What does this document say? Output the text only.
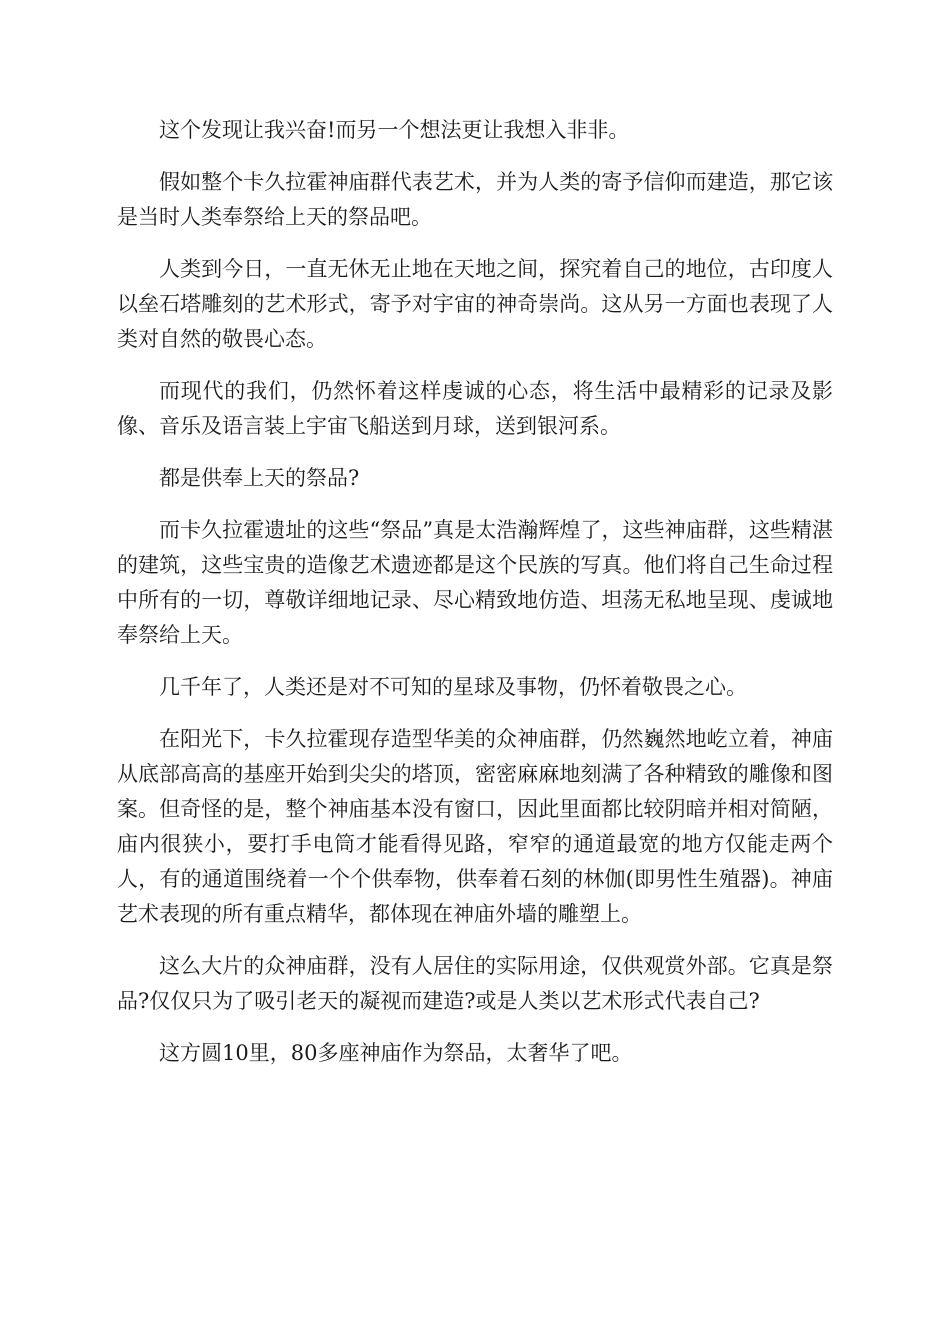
这个发现让我兴奋!而另一个想法更让我想入非非。

假如整个卡久拉霍神庙群代表艺术，并为人类的寄予信仰而建造，那它该是当时人类奉祭给上天的祭品吧。

人类到今日，一直无休无止地在天地之间，探究着自己的地位，古印度人以垒石塔雕刻的艺术形式，寄予对宇宙的神奇崇尚。这从另一方面也表现了人类对自然的敬畏心态。

而现代的我们，仍然怀着这样虔诚的心态，将生活中最精彩的记录及影像、音乐及语言装上宇宙飞船送到月球，送到银河系。

都是供奉上天的祭品?

而卡久拉霍遗址的这些“祭品”真是太浩瀚辉煌了，这些神庙群，这些精湛的建筑，这些宝贵的造像艺术遗迹都是这个民族的写真。他们将自己生命过程中所有的一切，尊敬详细地记录、尽心精致地仿造、坦荡无私地呈现、虔诚地奉祭给上天。

几千年了，人类还是对不可知的星球及事物，仍怀着敬畏之心。

在阳光下，卡久拉霍现存造型华美的众神庙群，仍然巍然地屹立着，神庙从底部高高的基座开始到尖尖的塔顶，密密麻麻地刻满了各种精致的雕像和图案。但奇怪的是，整个神庙基本没有窗口，因此里面都比较阴暗并相对简陋，庙内很狭小，要打手电筒才能看得见路，窄窄的通道最宽的地方仅能走两个人，有的通道围绕着一个个供奉物，供奉着石刻的林伽(即男性生殖器)。神庙艺术表现的所有重点精华，都体现在神庙外墙的雕塑上。

这么大片的众神庙群，没有人居住的实际用途，仅供观赏外部。它真是祭品?仅仅只为了吸引老天的凝视而建造?或是人类以艺术形式代表自己?

这方圆10里，80多座神庙作为祭品，太奢华了吧。
